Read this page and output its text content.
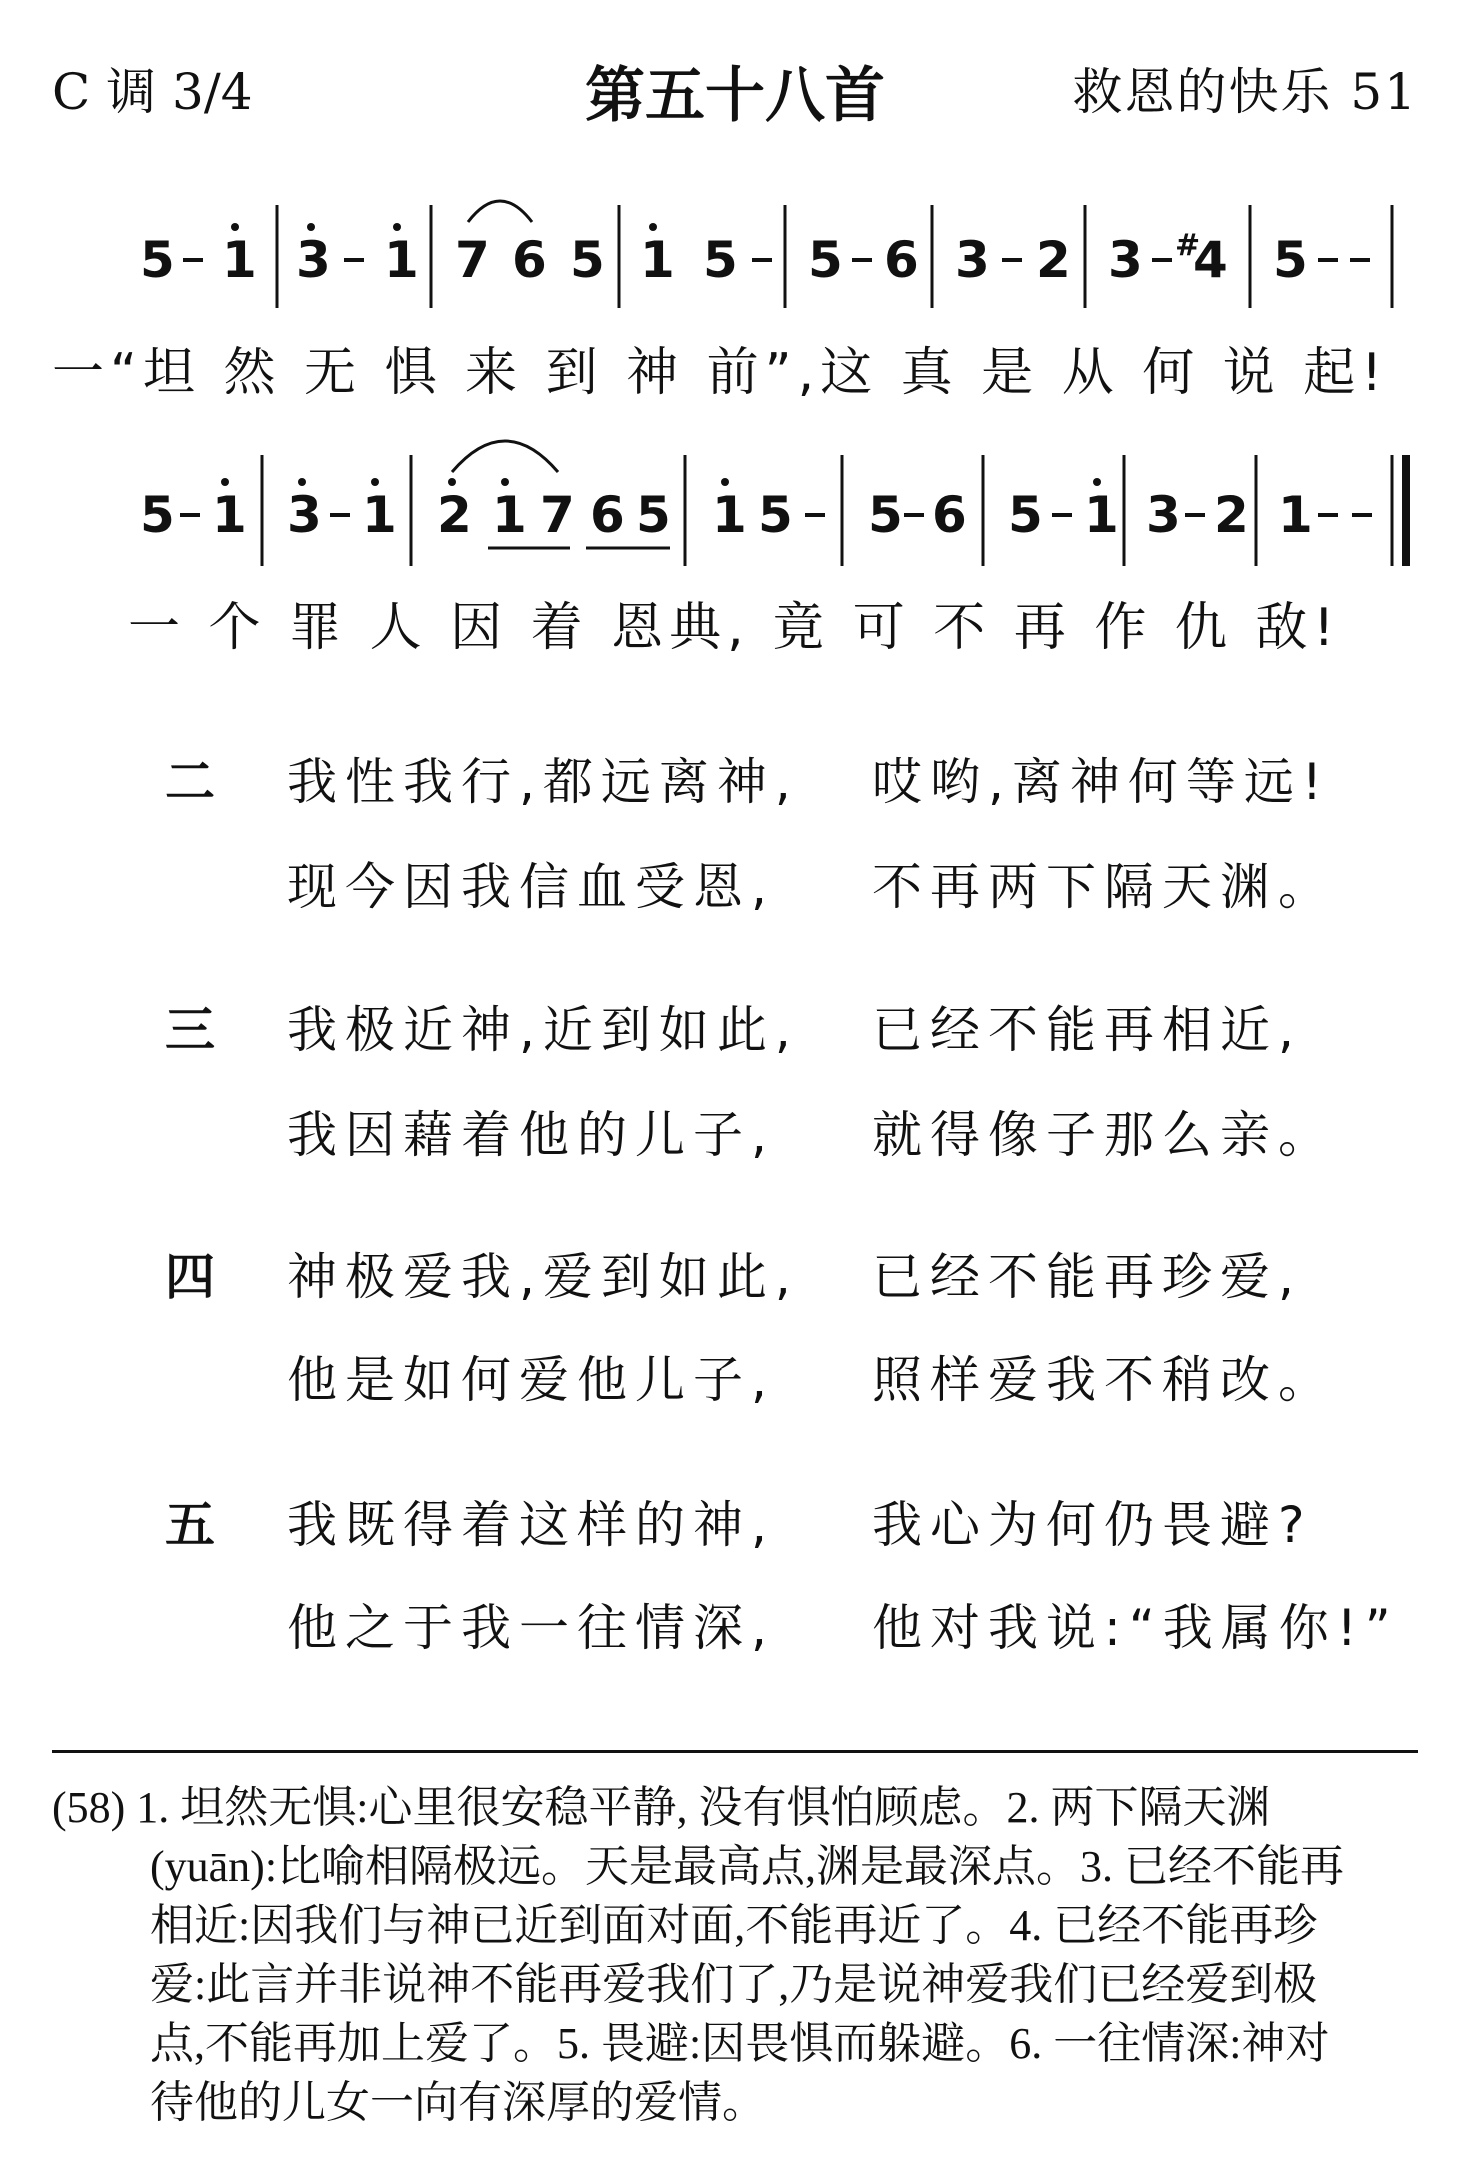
C 调 3/4	第五十八首	救恩的快乐 51
5 1 3 1 7 6 5 1 5 5 6 3 2 3 #
4 5
5 1 3 1 2 1 7 6 5 1 5 5 6 5 1 3 2 1
一“坦 然 无 惧 来 到 神 前”,这 真 是 从 何 说 起!
一 个 罪 人 因 着 恩典, 竟 可 不 再 作 仇 敌!
二 我性我行,都远离神, 哎哟,离神何等远!
现今因我信血受恩, 不再两下隔天渊。
三 我极近神,近到如此, 已经不能再相近,
我因藉着他的儿子, 就得像子那么亲。
四 神极爱我,爱到如此, 已经不能再珍爱,
他是如何爱他儿子, 照样爱我不稍改。
五 我既得着这样的神, 我心为何仍畏避?
他之于我一往情深, 他对我说:“我属你!”
(58) 1. 坦然无惧:心里很安稳平静, 没有惧怕顾虑。2. 两下隔天渊
(yuān):比喻相隔极远。天是最高点,渊是最深点。3. 已经不能再
相近:因我们与神已近到面对面,不能再近了。4. 已经不能再珍
爱:此言并非说神不能再爱我们了,乃是说神爱我们已经爱到极
点,不能再加上爱了。5. 畏避:因畏惧而躲避。6. 一往情深:神对
待他的儿女一向有深厚的爱情。
